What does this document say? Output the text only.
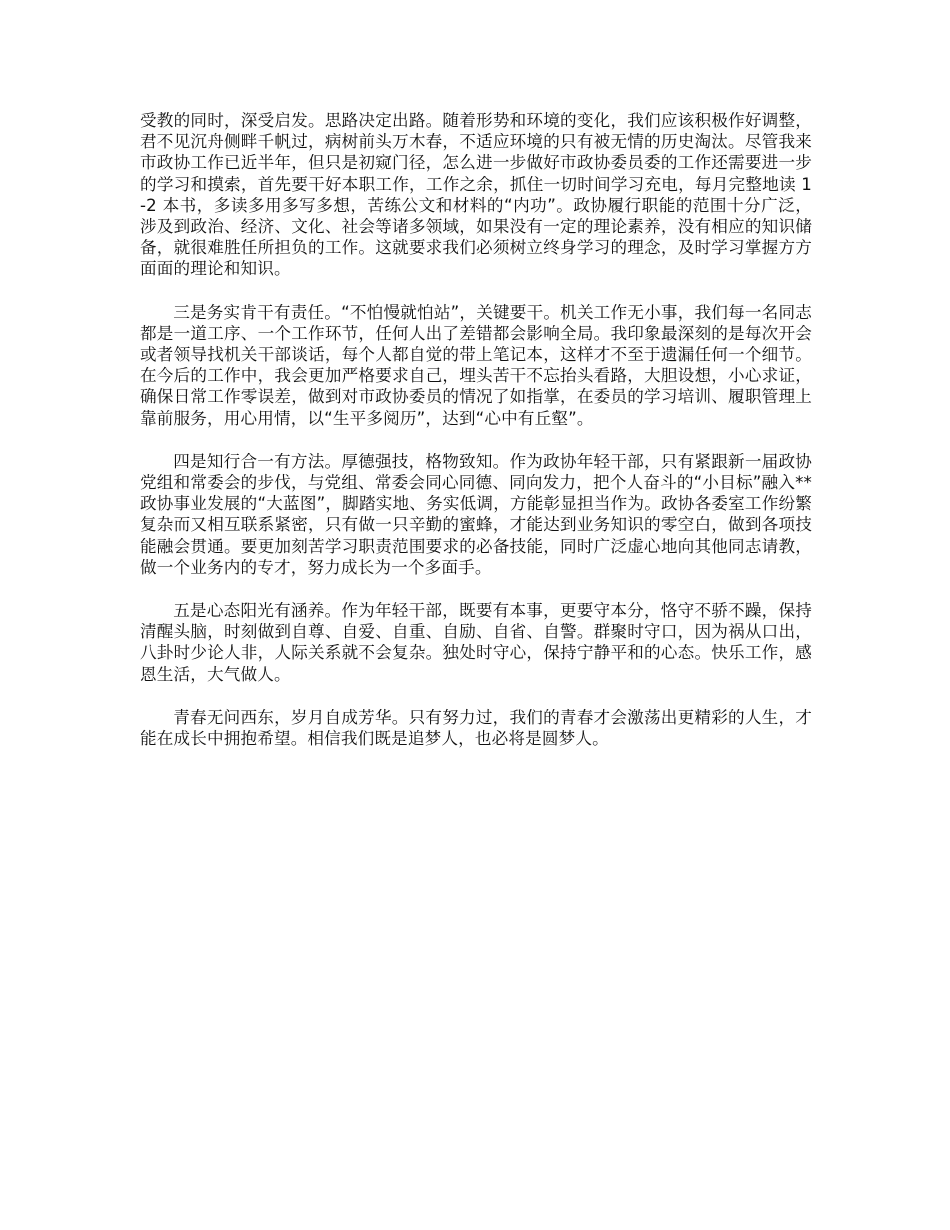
受教的同时，深受启发。思路决定出路。随着形势和环境的变化，我们应该积极作好调整，君不见沉舟侧畔千帆过，病树前头万木春，不适应环境的只有被无情的历史淘汰。尽管我来市政协工作已近半年，但只是初窥门径，怎么进一步做好市政协委员委的工作还需要进一步的学习和摸索，首先要干好本职工作，工作之余，抓住一切时间学习充电，每月完整地读 1-2 本书，多读多用多写多想，苦练公文和材料的“内功”。政协履行职能的范围十分广泛，涉及到政治、经济、文化、社会等诸多领域，如果没有一定的理论素养，没有相应的知识储备，就很难胜任所担负的工作。这就要求我们必须树立终身学习的理念，及时学习掌握方方面面的理论和知识。

三是务实肯干有责任。“不怕慢就怕站”，关键要干。机关工作无小事，我们每一名同志都是一道工序、一个工作环节，任何人出了差错都会影响全局。我印象最深刻的是每次开会或者领导找机关干部谈话，每个人都自觉的带上笔记本，这样才不至于遗漏任何一个细节。在今后的工作中，我会更加严格要求自己，埋头苦干不忘抬头看路，大胆设想，小心求证，确保日常工作零误差，做到对市政协委员的情况了如指掌，在委员的学习培训、履职管理上靠前服务，用心用情，以“生平多阅历”，达到“心中有丘壑”。

四是知行合一有方法。厚德强技，格物致知。作为政协年轻干部，只有紧跟新一届政协党组和常委会的步伐，与党组、常委会同心同德、同向发力，把个人奋斗的“小目标”融入**政协事业发展的“大蓝图”，脚踏实地、务实低调，方能彰显担当作为。政协各委室工作纷繁复杂而又相互联系紧密，只有做一只辛勤的蜜蜂，才能达到业务知识的零空白，做到各项技能融会贯通。要更加刻苦学习职责范围要求的必备技能，同时广泛虚心地向其他同志请教，做一个业务内的专才，努力成长为一个多面手。

五是心态阳光有涵养。作为年轻干部，既要有本事，更要守本分，恪守不骄不躁，保持清醒头脑，时刻做到自尊、自爱、自重、自励、自省、自警。群聚时守口，因为祸从口出，八卦时少论人非，人际关系就不会复杂。独处时守心，保持宁静平和的心态。快乐工作，感恩生活，大气做人。

青春无问西东，岁月自成芳华。只有努力过，我们的青春才会激荡出更精彩的人生，才能在成长中拥抱希望。相信我们既是追梦人，也必将是圆梦人。
